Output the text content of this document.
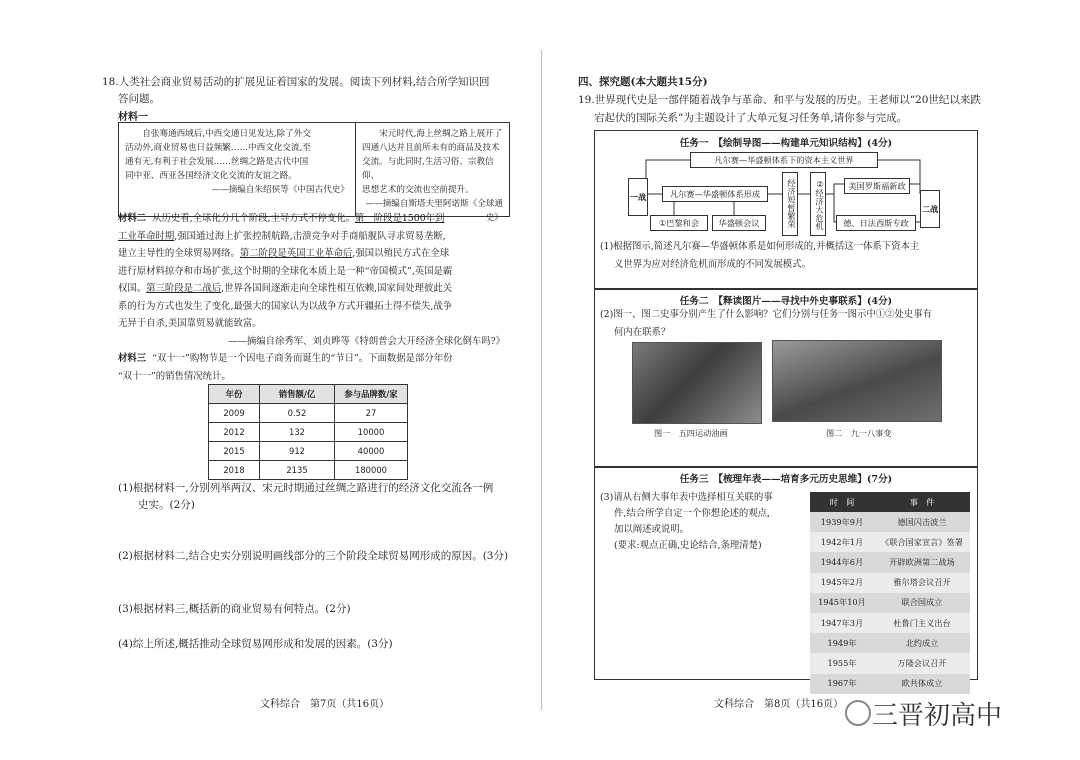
18.人类社会商业贸易活动的扩展见证着国家的发展。阅读下列材料,结合所学知识回
答问题。
材料一
自张骞通西域后,中西交通日见发达,除了外交
活动外,商业贸易也日益频繁……中西文化交流,至
通有无,有利于社会发展……丝绸之路是古代中国
同中亚、西亚各国经济文化交流的友谊之路。
——摘编自朱绍侯等《中国古代史》
宋元时代,海上丝绸之路上展开了
四通八达并且前所未有的商品及技术
交流。与此同时,生活习俗、宗教信仰、
思想艺术的交流也空前提升。
——摘编自斯塔夫里阿诺斯《全球通史》
材料二 从历史看,全球化分几个阶段,主导方式不停变化。第一阶段是1500年到
工业革命时期,强国通过海上扩张控制航路,击溃竞争对手商船舰队寻求贸易垄断,
建立主导性的全球贸易网络。第二阶段是英国工业革命后,强国以殖民方式在全球
进行原材料掠夺和市场扩张,这个时期的全球化本质上是一种“帝国模式”,英国是霸
权国。第三阶段是二战后,世界各国间逐渐走向全球性相互依赖,国家间处理彼此关
系的行为方式也发生了变化,最强大的国家认为以战争方式开疆拓土得不偿失,战争
无异于自杀,美国靠贸易就能致富。
——摘编自徐秀军、刘贞晔等《特朗普会大开经济全球化倒车吗?》
材料三 “双十一”购物节是一个因电子商务而诞生的“节日”。下面数据是部分年份
“双十一”的销售情况统计。
年份	销售额/亿	参与品牌数/家
2009	0.52	27
2012	132	10000
2015	912	40000
2018	2135	180000
(1)根据材料一,分别列举两汉、宋元时期通过丝绸之路进行的经济文化交流各一例
史实。(2分)
(2)根据材料二,结合史实分别说明画线部分的三个阶段全球贸易网形成的原因。(3分)
(3)根据材料三,概括新的商业贸易有何特点。(2分)
(4)综上所述,概括推动全球贸易网形成和发展的因素。(3分)
文科综合　第7页（共16页）
四、探究题(本大题共15分)
19.世界现代史是一部伴随着战争与革命、和平与发展的历史。王老师以“20世纪以来跌
宕起伏的国际关系”为主题设计了大单元复习任务单,请你参与完成。
任务一　【绘制导图——构建单元知识结构】(4分)
凡尔赛—华盛顿体系下的资本主义世界
一战	凡尔赛—华盛顿体系形成
①巴黎和会	华盛顿会议	经济短暂繁荣	②经济大危机	美国罗斯福新政
德、日法西斯专政
二战
(1)根据图示,简述凡尔赛—华盛顿体系是如何形成的,并概括这一体系下资本主
义世界为应对经济危机而形成的不同发展模式。
任务二　【释读图片——寻找中外史事联系】(4分)
(2)图一、图二史事分别产生了什么影响？它们分别与任务一图示中①②处史事有
何内在联系？
图一　五四运动油画	图二　九一八事变
任务三　【梳理年表——培育多元历史思维】(7分)
(3)请从右侧大事年表中选择相互关联的事
件,结合所学自定一个你想论述的观点,
加以阐述或说明。
(要求:观点正确,史论结合,条理清楚)
时　间	事　件
1939年9月	德国闪击波兰
1942年1月	《联合国家宣言》签署
1944年6月	开辟欧洲第二战场
1945年2月	雅尔塔会议召开
1945年10月	联合国成立
1947年3月	杜鲁门主义出台
1949年	北约成立
1955年	万隆会议召开
1967年	欧共体成立
文科综合　第8页（共16页） 三晋初高中
